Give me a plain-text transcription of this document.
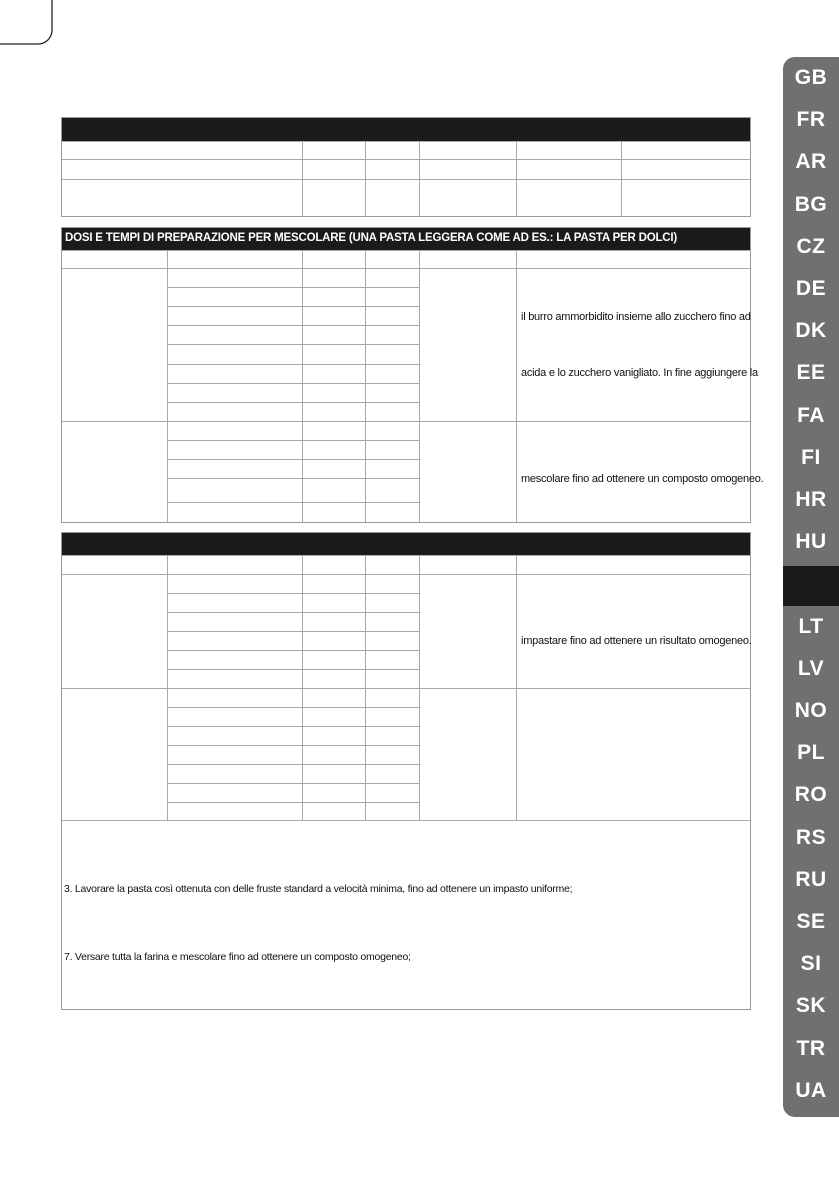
DOSI E TEMPI DI PREPARAZIONE PER MESCOLARE (UNA PASTA LEGGERA COME AD ES.: LA PASTA PER DOLCI)
il burro ammorbidito insieme allo zucchero fino ad
acida e lo zucchero vanigliato. In fine aggiungere la
mescolare fino ad ottenere un composto omogeneo.
impastare fino ad ottenere un risultato omogeneo.
3. Lavorare la pasta così ottenuta con delle fruste standard a velocità minima, fino ad ottenere un impasto uniforme;
7. Versare tutta la farina e mescolare fino ad ottenere un composto omogeneo;
GB
FR
AR
BG
CZ
DE
DK
EE
FA
FI
HR
HU
LT
LV
NO
PL
RO
RS
RU
SE
SI
SK
TR
UA
